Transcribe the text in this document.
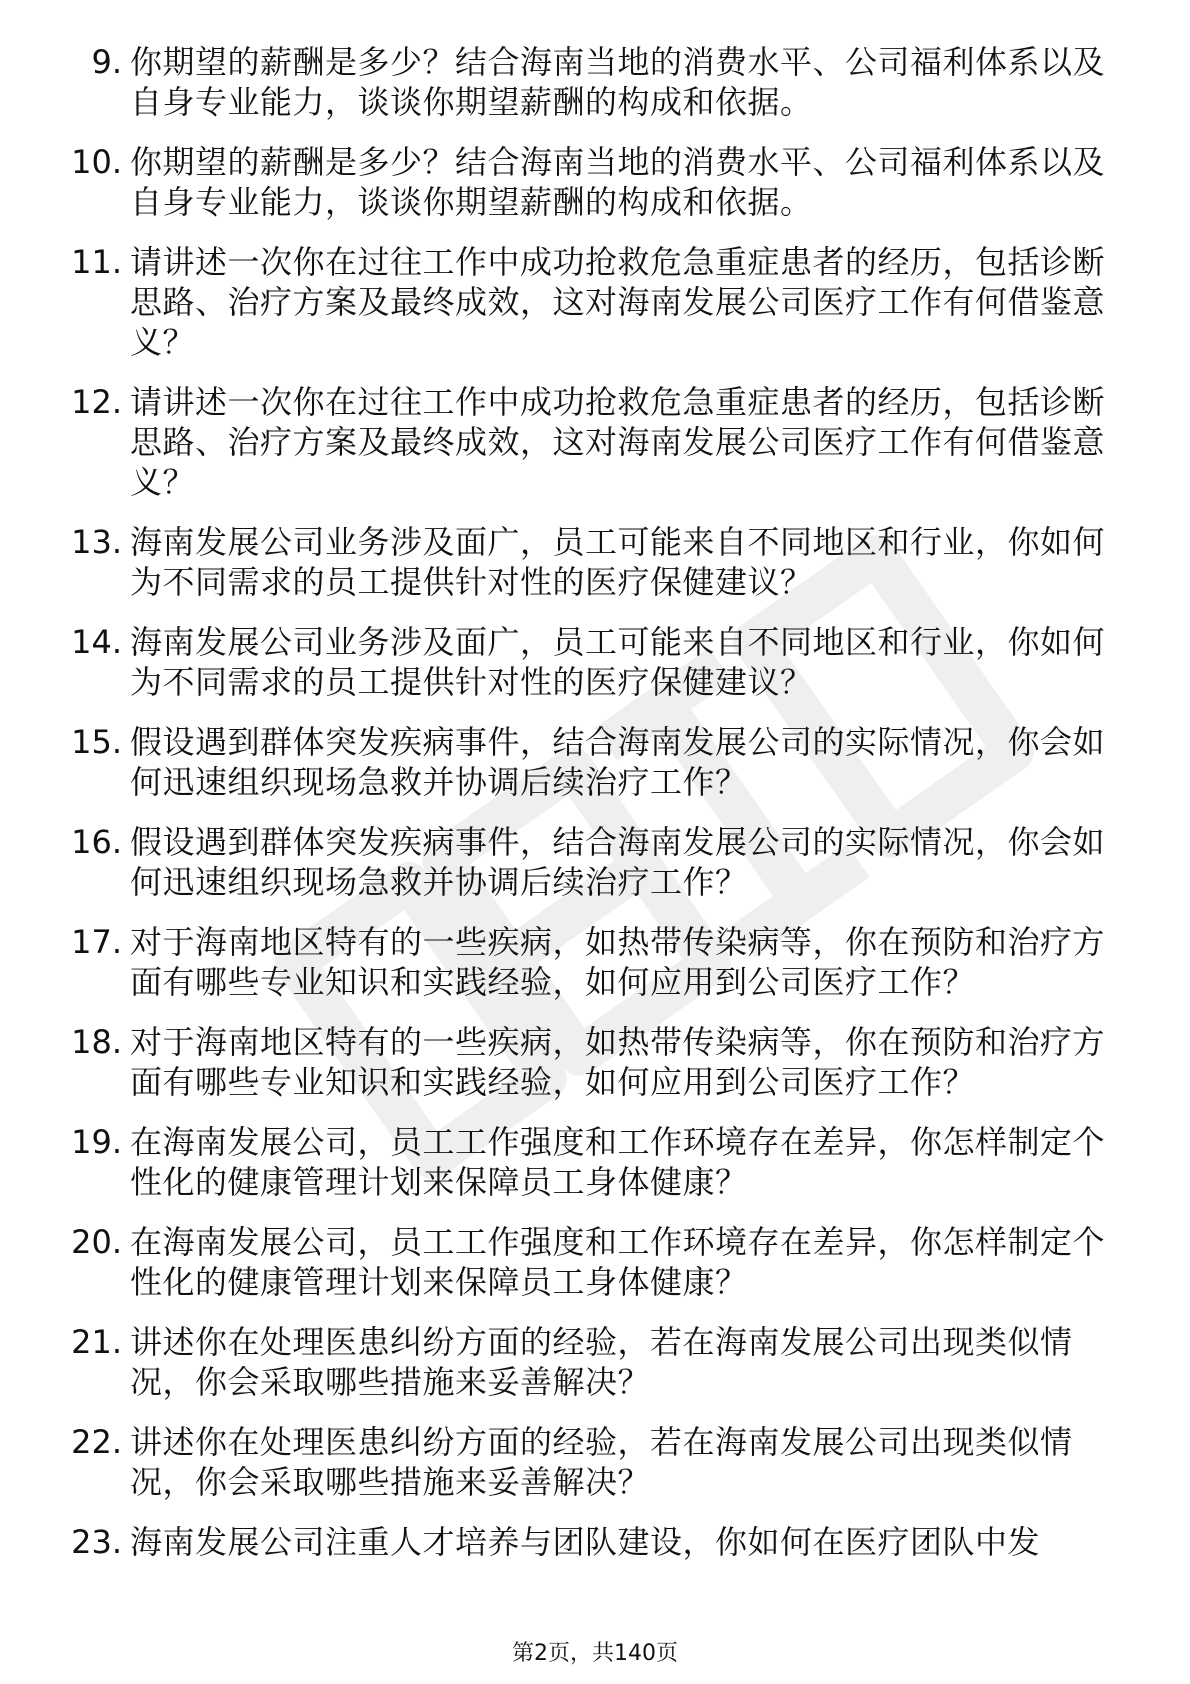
9. 你期望的薪酬是多少？结合海南当地的消费水平、公司福利体系以及自身专业能力，谈谈你期望薪酬的构成和依据。
10. 你期望的薪酬是多少？结合海南当地的消费水平、公司福利体系以及自身专业能力，谈谈你期望薪酬的构成和依据。
11. 请讲述一次你在过往工作中成功抢救危急重症患者的经历，包括诊断思路、治疗方案及最终成效，这对海南发展公司医疗工作有何借鉴意义？
12. 请讲述一次你在过往工作中成功抢救危急重症患者的经历，包括诊断思路、治疗方案及最终成效，这对海南发展公司医疗工作有何借鉴意义？
13. 海南发展公司业务涉及面广，员工可能来自不同地区和行业，你如何为不同需求的员工提供针对性的医疗保健建议？
14. 海南发展公司业务涉及面广，员工可能来自不同地区和行业，你如何为不同需求的员工提供针对性的医疗保健建议？
15. 假设遇到群体突发疾病事件，结合海南发展公司的实际情况，你会如何迅速组织现场急救并协调后续治疗工作？
16. 假设遇到群体突发疾病事件，结合海南发展公司的实际情况，你会如何迅速组织现场急救并协调后续治疗工作？
17. 对于海南地区特有的一些疾病，如热带传染病等，你在预防和治疗方面有哪些专业知识和实践经验，如何应用到公司医疗工作？
18. 对于海南地区特有的一些疾病，如热带传染病等，你在预防和治疗方面有哪些专业知识和实践经验，如何应用到公司医疗工作？
19. 在海南发展公司，员工工作强度和工作环境存在差异，你怎样制定个性化的健康管理计划来保障员工身体健康？
20. 在海南发展公司，员工工作强度和工作环境存在差异，你怎样制定个性化的健康管理计划来保障员工身体健康？
21. 讲述你在处理医患纠纷方面的经验，若在海南发展公司出现类似情况，你会采取哪些措施来妥善解决？
22. 讲述你在处理医患纠纷方面的经验，若在海南发展公司出现类似情况，你会采取哪些措施来妥善解决？
23. 海南发展公司注重人才培养与团队建设，你如何在医疗团队中发
第2页，共140页
